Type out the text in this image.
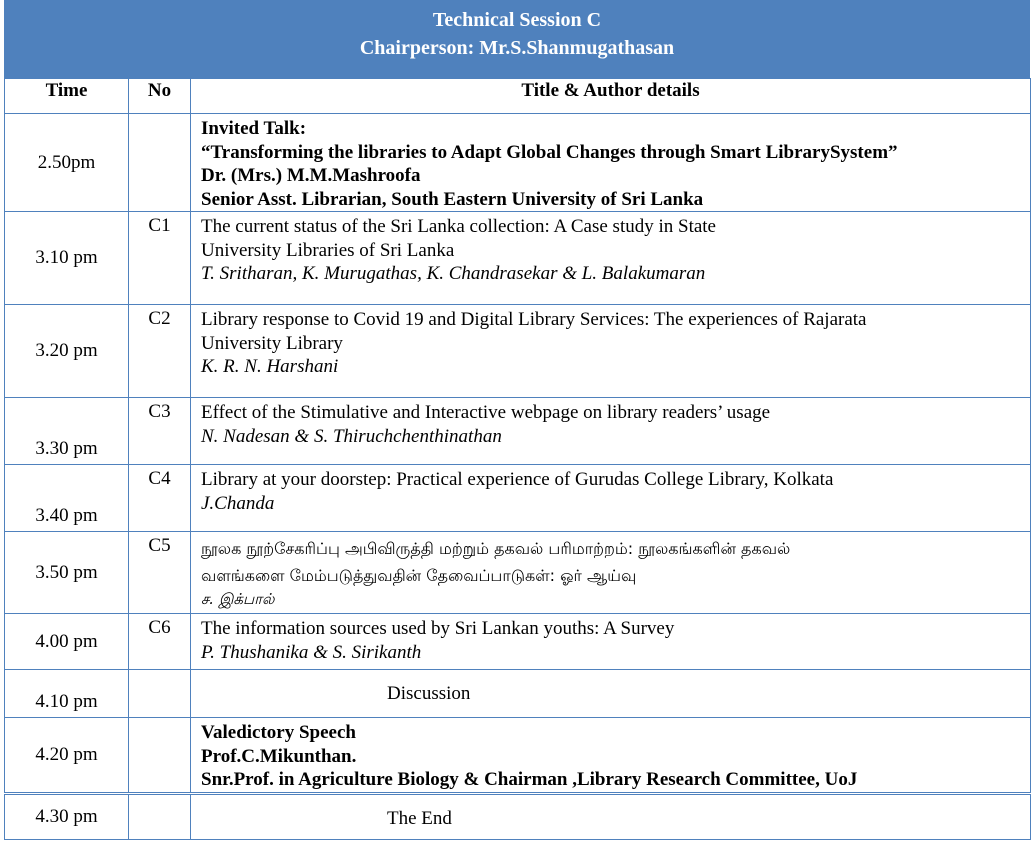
Technical Session C
Chairperson: Mr.S.Shanmugathasan
Time	No	Title & Author details
2.50pm		Invited Talk:
“Transforming the libraries to Adapt Global Changes through Smart LibrarySystem”
Dr. (Mrs.) M.M.Mashroofa
Senior Asst. Librarian, South Eastern University of Sri Lanka

3.10 pm	C1	The current status of the Sri Lanka collection: A Case study in State
University Libraries of Sri Lanka
T. Sritharan, K. Murugathas, K. Chandrasekar & L. Balakumaran

3.20 pm	C2	Library response to Covid 19 and Digital Library Services: The experiences of Rajarata
University Library
K. R. N. Harshani

3.30 pm	C3	Effect of the Stimulative and Interactive webpage on library readers’ usage
N. Nadesan & S. Thiruchchenthinathan

3.40 pm	C4	Library at your doorstep: Practical experience of Gurudas College Library, Kolkata
J.Chanda

3.50 pm	C5	நூலக நூற்சேகரிப்பு அபிவிருத்தி மற்றும் தகவல் பரிமாற்றம்: நூலகங்களின் தகவல்
வளங்களை மேம்படுத்துவதின் தேவைப்பாடுகள்: ஓர் ஆய்வு
ச. இக்பால்

4.00 pm	C6	The information sources used by Sri Lankan youths: A Survey
P. Thushanika & S. Sirikanth

4.10 pm		Discussion
4.20 pm		Valedictory Speech
Prof.C.Mikunthan.
Snr.Prof. in Agriculture Biology & Chairman ,Library Research Committee, UoJ

4.30 pm		The End
